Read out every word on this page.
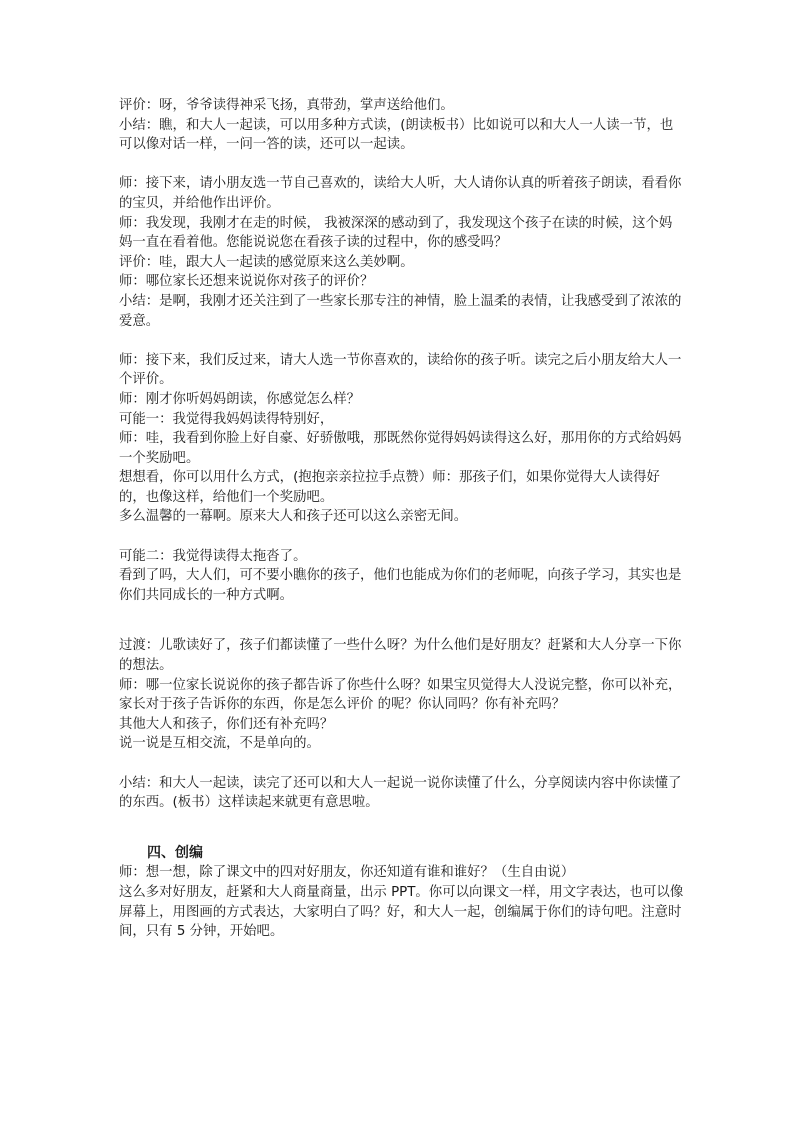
评价：呀，爷爷读得神采飞扬，真带劲，掌声送给他们。

小结：瞧，和大人一起读，可以用多种方式读，(朗读板书）比如说可以和大人一人读一节，也可以像对话一样，一问一答的读，还可以一起读。

师：接下来，请小朋友选一节自己喜欢的，读给大人听，大人请你认真的听着孩子朗读，看看你的宝贝，并给他作出评价。

师：我发现，我刚才在走的时候， 我被深深的感动到了，我发现这个孩子在读的时候，这个妈妈一直在看着他。您能说说您在看孩子读的过程中，你的感受吗？

评价：哇，跟大人一起读的感觉原来这么美妙啊。

师：哪位家长还想来说说你对孩子的评价？

小结：是啊，我刚才还关注到了一些家长那专注的神情，脸上温柔的表情，让我感受到了浓浓的爱意。

师：接下来，我们反过来，请大人选一节你喜欢的，读给你的孩子听。读完之后小朋友给大人一个评价。

师：刚才你听妈妈朗读，你感觉怎么样？

可能一：我觉得我妈妈读得特别好，

师：哇，我看到你脸上好自豪、好骄傲哦，那既然你觉得妈妈读得这么好，那用你的方式给妈妈一个奖励吧。

想想看，你可以用什么方式，(抱抱亲亲拉拉手点赞）师：那孩子们，如果你觉得大人读得好的，也像这样，给他们一个奖励吧。

多么温馨的一幕啊。原来大人和孩子还可以这么亲密无间。

可能二：我觉得读得太拖沓了。

看到了吗，大人们，可不要小瞧你的孩子，他们也能成为你们的老师呢，向孩子学习，其实也是你们共同成长的一种方式啊。

过渡：儿歌读好了，孩子们都读懂了一些什么呀？为什么他们是好朋友？赶紧和大人分享一下你的想法。

师：哪一位家长说说你的孩子都告诉了你些什么呀？如果宝贝觉得大人没说完整，你可以补充，家长对于孩子告诉你的东西，你是怎么评价 的呢？你认同吗？你有补充吗？

其他大人和孩子，你们还有补充吗？

说一说是互相交流，不是单向的。

小结：和大人一起读，读完了还可以和大人一起说一说你读懂了什么，分享阅读内容中你读懂了的东西。(板书）这样读起来就更有意思啦。

四、创编

师：想一想，除了课文中的四对好朋友，你还知道有谁和谁好？（生自由说）

这么多对好朋友，赶紧和大人商量商量，出示 PPT。你可以向课文一样，用文字表达，也可以像屏幕上，用图画的方式表达，大家明白了吗？好，和大人一起，创编属于你们的诗句吧。注意时间，只有 5 分钟，开始吧。
